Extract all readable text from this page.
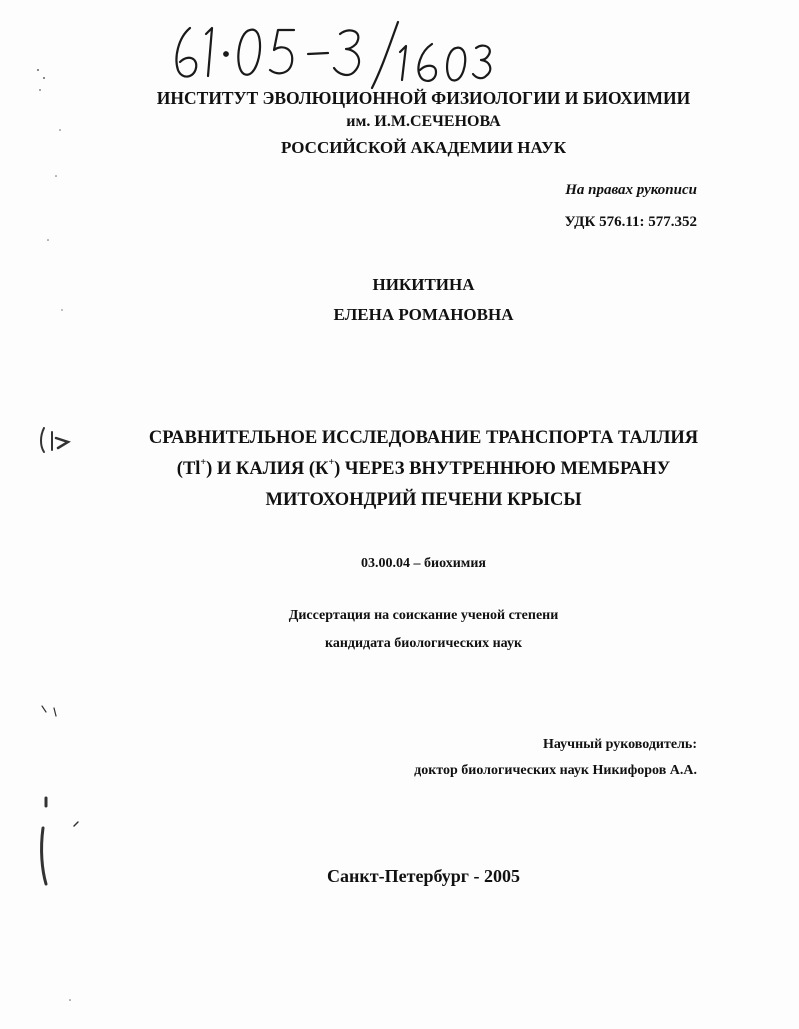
ИНСТИТУТ ЭВОЛЮЦИОННОЙ ФИЗИОЛОГИИ И БИОХИМИИ
им. И.М.СЕЧЕНОВА
РОССИЙСКОЙ АКАДЕМИИ НАУК
На правах рукописи
УДК 576.11: 577.352
НИКИТИНА
ЕЛЕНА РОМАНОВНА
СРАВНИТЕЛЬНОЕ ИССЛЕДОВАНИЕ ТРАНСПОРТА ТАЛЛИЯ
(Tl+) И КАЛИЯ (К+) ЧЕРЕЗ ВНУТРЕННЮЮ МЕМБРАНУ
МИТОХОНДРИЙ ПЕЧЕНИ КРЫСЫ
03.00.04 – биохимия
Диссертация на соискание ученой степени
кандидата биологических наук
Научный руководитель:
доктор биологических наук Никифоров А.А.
Санкт-Петербург - 2005
